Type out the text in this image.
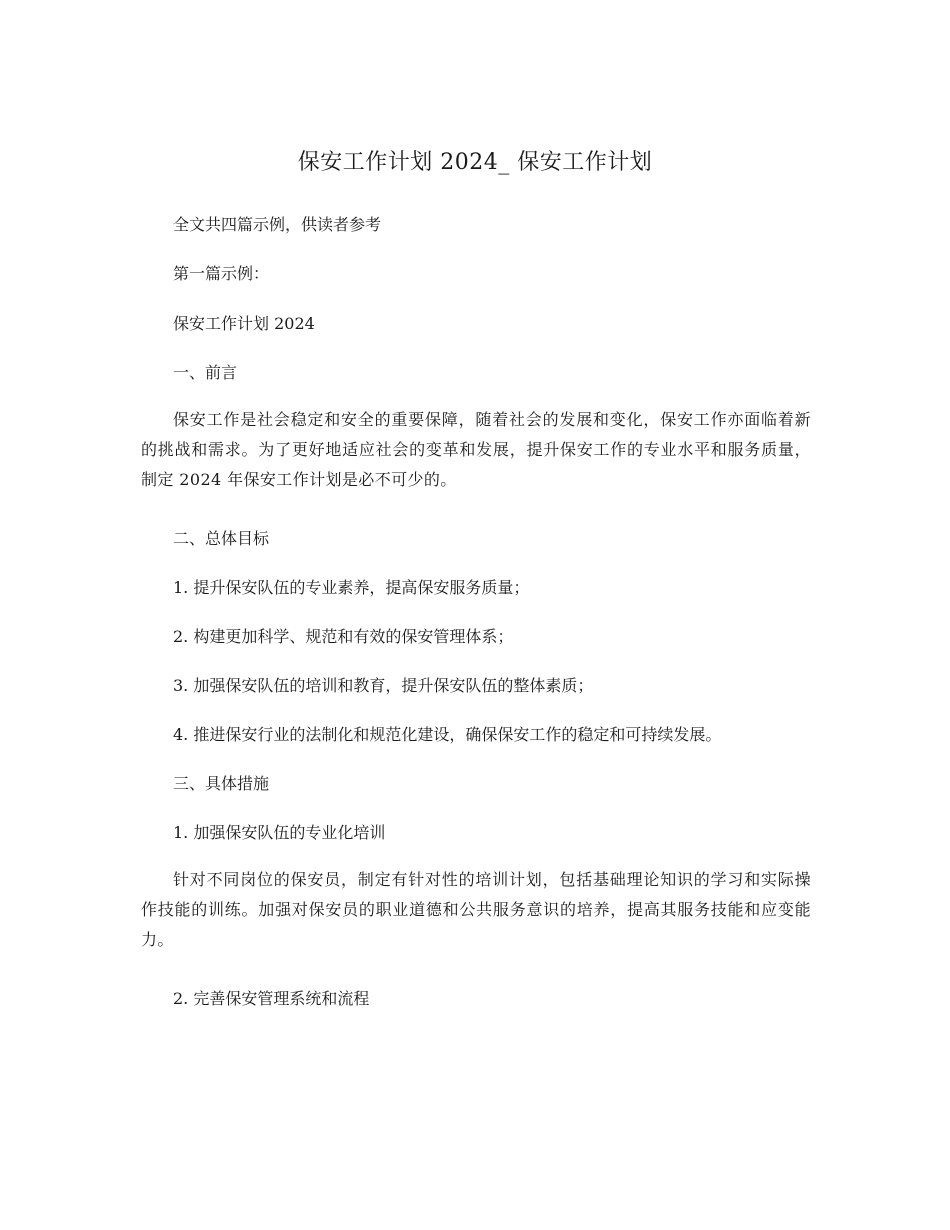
保安工作计划 2024_ 保安工作计划
全文共四篇示例，供读者参考
第一篇示例：
保安工作计划 2024
一、前言
保安工作是社会稳定和安全的重要保障，随着社会的发展和变化，保安工作亦面临着新的挑战和需求。为了更好地适应社会的变革和发展，提升保安工作的专业水平和服务质量，制定 2024 年保安工作计划是必不可少的。
二、总体目标
1. 提升保安队伍的专业素养，提高保安服务质量；
2. 构建更加科学、规范和有效的保安管理体系；
3. 加强保安队伍的培训和教育，提升保安队伍的整体素质；
4. 推进保安行业的法制化和规范化建设，确保保安工作的稳定和可持续发展。
三、具体措施
1. 加强保安队伍的专业化培训
针对不同岗位的保安员，制定有针对性的培训计划，包括基础理论知识的学习和实际操作技能的训练。加强对保安员的职业道德和公共服务意识的培养，提高其服务技能和应变能力。
2. 完善保安管理系统和流程
